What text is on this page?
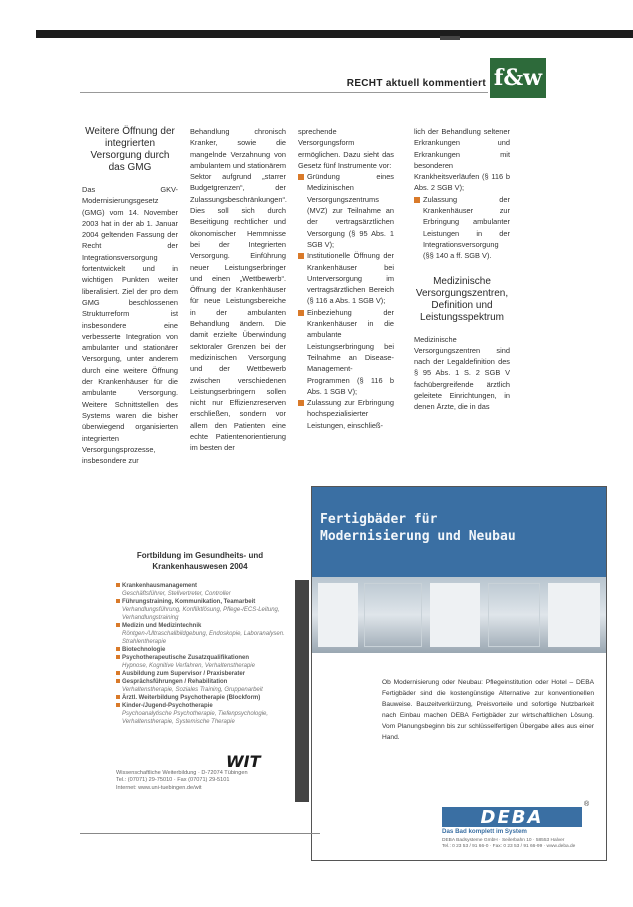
RECHT aktuell kommentiert f&w
Weitere Öffnung der integrierten Versorgung durch das GMG

Das GKV-Modernisierungsgesetz (GMG) vom 14. November 2003 hat in der ab 1. Januar 2004 geltenden Fassung der Recht der Integrationsversorgung fortentwickelt und in wichtigen Punkten weiter liberalisiert. Ziel der pro dem GMG beschlossenen Strukturreform ist insbesondere eine verbesserte Integration von ambulanter und stationärer Versorgung, unter anderem durch eine weitere Öffnung der Krankenhäuser für die ambulante Versorgung. Weitere Schnittstellen des Systems waren die bisher überwiegend organisierten integrierten Versorgungsprozesse, insbesondere zur

Behandlung chronisch Kranker, sowie die mangelnde Verzahnung von ambulantem und stationärem Sektor aufgrund „starrer Budgetgrenzen“, der Zulassungsbeschränkungen“. Dies soll sich durch Beseitigung rechtlicher und ökonomischer Hemmnisse bei der Integrierten Versorgung. Einführung neuer Leistungserbringer und einen „Wettbewerb“. Öffnung der Krankenhäuser für neue Leistungsbereiche in der ambulanten Behandlung ändern. Die damit erzielte Überwindung sektoraler Grenzen bei der medizinischen Versorgung und der Wettbewerb zwischen verschiedenen Leistungserbringern sollen nicht nur Effizienzreserven erschließen, sondern vor allem den Patienten eine echte Patientenorientierung im besten der

sprechende Versorgungsform ermöglichen. Dazu sieht das Gesetz fünf Instrumente vor:

Gründung eines Medizinischen Versorgungszentrums (MVZ) zur Teilnahme an der vertragsärztlichen Versorgung (§ 95 Abs. 1 SGB V);

Institutionelle Öffnung der Krankenhäuser bei Unterversorgung im vertragsärztlichen Bereich (§ 116 a Abs. 1 SGB V);

Einbeziehung der Krankenhäuser in die ambulante Leistungserbringung bei Teilnahme an Disease-Management-Programmen (§ 116 b Abs. 1 SGB V);

Zulassung zur Erbringung hochspezialisierter Leistungen, einschließ-

lich der Behandlung seltener Erkrankungen und Erkrankungen mit besonderen Krankheitsverläufen (§ 116 b Abs. 2 SGB V);

Zulassung der Krankenhäuser zur Erbringung ambulanter Leistungen in der Integrationsversorgung (§§ 140 a ff. SGB V).

Medizinische Versorgungszentren, Definition und Leistungsspektrum

Medizinische Versorgungszentren sind nach der Legaldefinition des § 95 Abs. 1 S. 2 SGB V fachübergreifende ärztlich geleitete Einrichtungen, in denen Ärzte, die in das

Fortbildung im Gesundheits- und Krankenhauswesen 2004
Krankenhausmanagement
Geschäftsführer, Stellvertreter, Controller
Führungstraining, Kommunikation, Teamarbeit
Verhandlungsführung, Konfliktlösung, Pflege-/ECS-Leitung, Verhandlungstraining
Medizin und Medizintechnik
Röntgen-/Ultraschallbildgebung, Endoskopie, Laboranalysen, Strahlentherapie
Biotechnologie
Psychotherapeutische Zusatzqualifikationen
Hypnose, Kognitive Verfahren, Verhaltenstherapie
Ausbildung zum Supervisor / Praxisberater
Gesprächsführungen / Rehabilitation
Verhaltenstherapie, Soziales Training, Gruppenarbeit
Ärztl. Weiterbildung Psychotherapie (Blockform)
Kinder-/Jugend-Psychotherapie
Psychoanalytische Psychotherapie, Tiefenpsychologie, Verhaltenstherapie, Systemische Therapie
WIT
Wissenschaftliche Weiterbildung · D-72074 Tübingen
Tel.: (07071) 29-75010 · Fax (07071) 29-5101
Internet: www.uni-tuebingen.de/wit
Universität Tübingen
Fertigbäder für
Modernisierung und Neubau
Ob Modernisierung oder Neubau: Pflegeinstitution oder Hotel – DEBA Fertigbäder sind die kostengünstige Alternative zur konventionellen Bauweise. Bauzeitverkürzung, Preisvorteile und sofortige Nutzbarkeit nach Einbau machen DEBA Fertigbäder zur wirtschaftlichen Lösung. Vom Planungsbeginn bis zur schlüsselfertigen Übergabe alles aus einer Hand.
DEBA
®
Das Bad komplett im System
DEBA Badsysteme GmbH · Seilerbahn 10 · 58553 Halver
Tel.: 0 23 53 / 91 66-0 · Fax: 0 23 53 / 91 66-99 · www.deba.de
